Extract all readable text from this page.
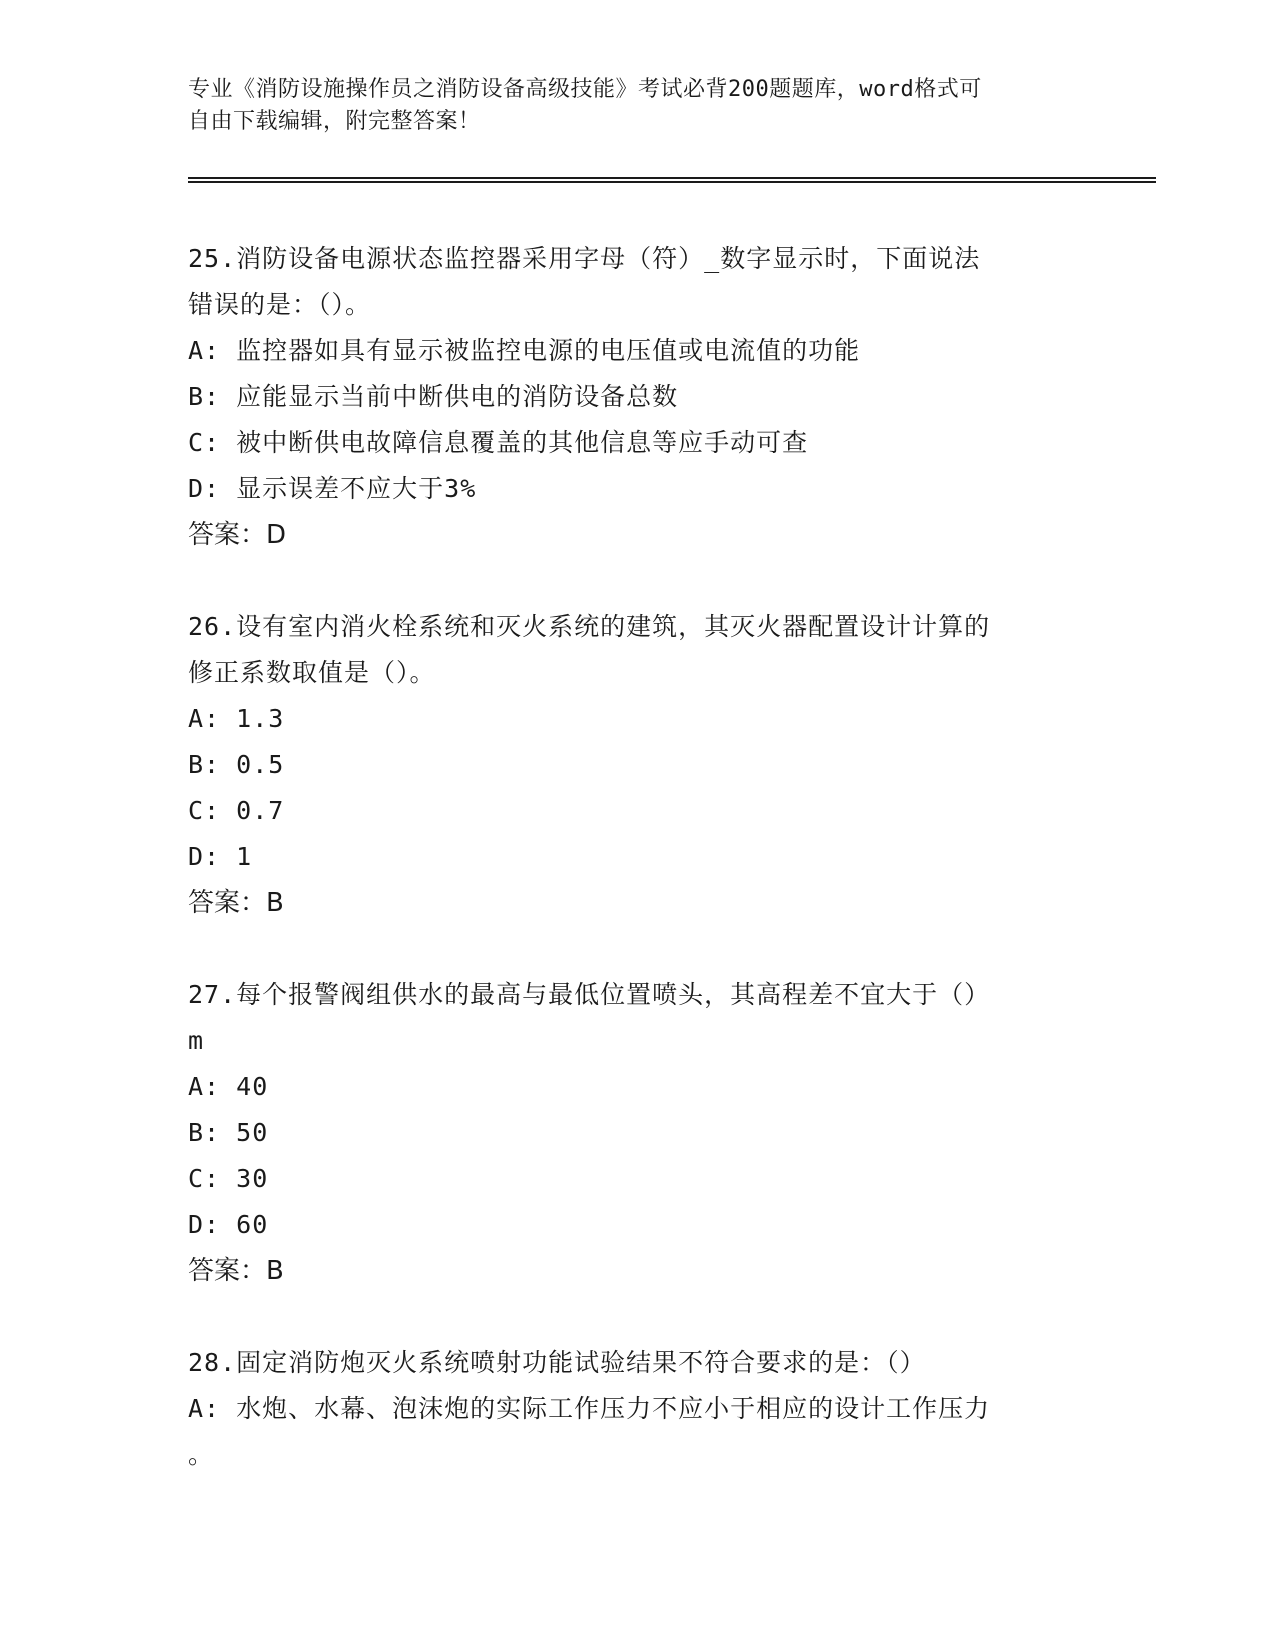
专业《消防设施操作员之消防设备高级技能》考试必背200题题库，word格式可
自由下载编辑，附完整答案！

25.消防设备电源状态监控器采用字母（符）_数字显示时，下面说法

错误的是：（）。

A: 监控器如具有显示被监控电源的电压值或电流值的功能

B: 应能显示当前中断供电的消防设备总数

C: 被中断供电故障信息覆盖的其他信息等应手动可查

D: 显示误差不应大于3%

答案：D

26.设有室内消火栓系统和灭火系统的建筑，其灭火器配置设计计算的

修正系数取值是（）。

A: 1.3

B: 0.5

C: 0.7

D: 1

答案：B

27.每个报警阀组供水的最高与最低位置喷头，其高程差不宜大于（）

m

A: 40

B: 50

C: 30

D: 60

答案：B

28.固定消防炮灭火系统喷射功能试验结果不符合要求的是：（）

A: 水炮、水幕、泡沫炮的实际工作压力不应小于相应的设计工作压力

。
